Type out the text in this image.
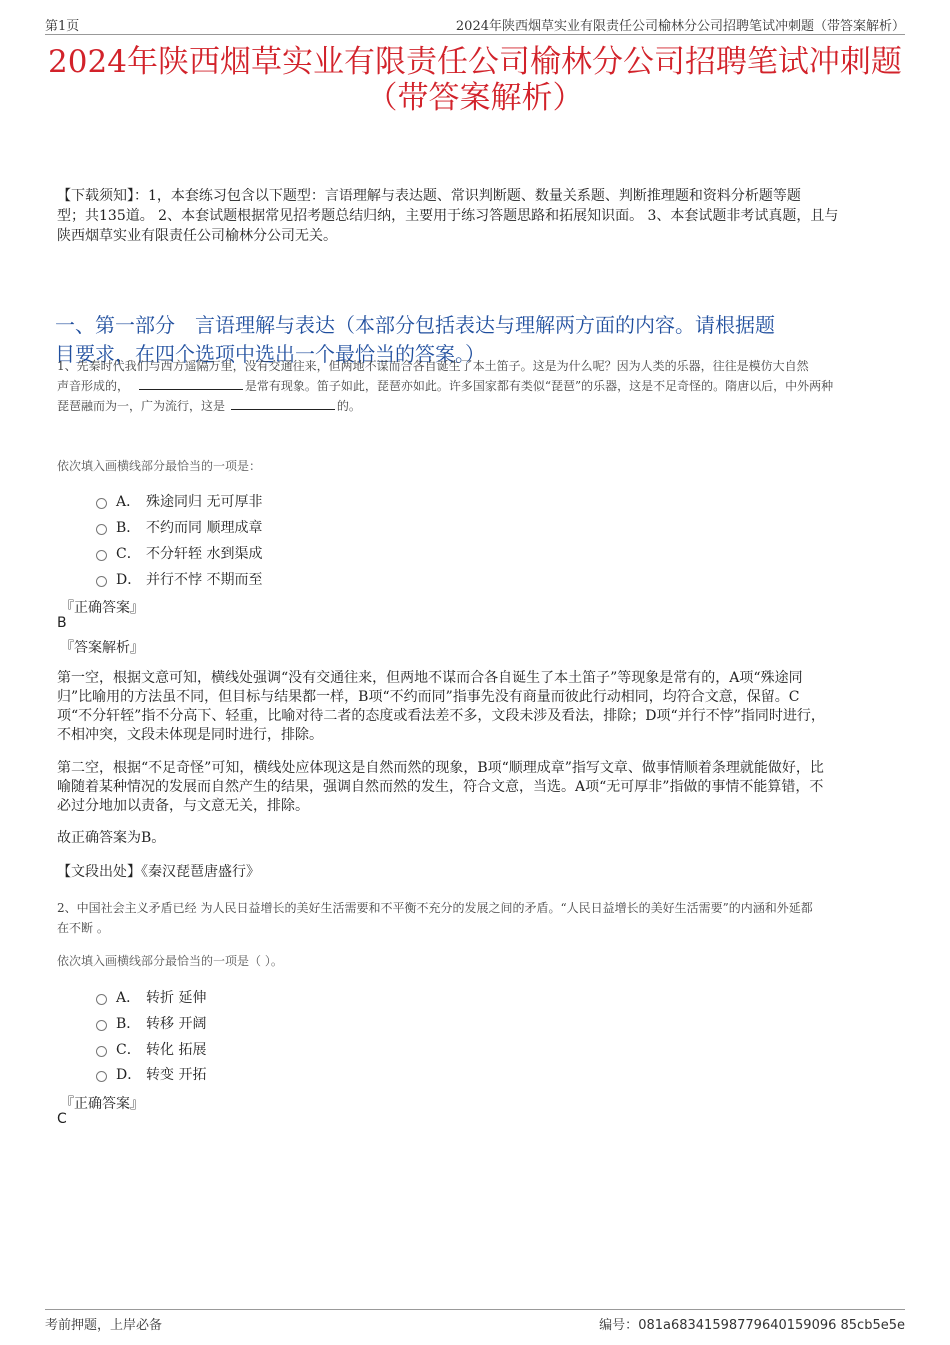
第1页	2024年陕西烟草实业有限责任公司榆林分公司招聘笔试冲刺题（带答案解析）
2024年陕西烟草实业有限责任公司榆林分公司招聘笔试冲刺题
（带答案解析）
【下载须知】：1，本套练习包含以下题型：言语理解与表达题、常识判断题、数量关系题、判断推理题和资料分析题等题
型；共135道。 2、本套试题根据常见招考题总结归纳，主要用于练习答题思路和拓展知识面。 3、本套试题非考试真题，且与
陕西烟草实业有限责任公司榆林分公司无关。
一、第一部分　言语理解与表达（本部分包括表达与理解两方面的内容。请根据题
目要求，在四个选项中选出一个最恰当的答案。）
1、先秦时代我们与西方遥隔万里，没有交通往来，但两地不谋而合各自诞生了本土笛子。这是为什么呢？因为人类的乐器，往往是模仿大自然
声音形成的，	是常有现象。笛子如此，琵琶亦如此。许多国家都有类似“琵琶”的乐器，这是不足奇怪的。隋唐以后，中外两种
琵琶融而为一，广为流行，这是	的。
依次填入画横线部分最恰当的一项是：
A． 殊途同归 无可厚非
B． 不约而同 顺理成章
C． 不分轩轾 水到渠成
D． 并行不悖 不期而至
『正确答案』
B
『答案解析』
第一空，根据文意可知，横线处强调“没有交通往来，但两地不谋而合各自诞生了本土笛子”等现象是常有的，A项“殊途同
归”比喻用的方法虽不同，但目标与结果都一样，B项“不约而同”指事先没有商量而彼此行动相同，均符合文意，保留。C
项“不分轩轾”指不分高下、轻重，比喻对待二者的态度或看法差不多，文段未涉及看法，排除；D项“并行不悖”指同时进行，
不相冲突，文段未体现是同时进行，排除。
第二空，根据“不足奇怪”可知，横线处应体现这是自然而然的现象，B项“顺理成章”指写文章、做事情顺着条理就能做好，比
喻随着某种情况的发展而自然产生的结果，强调自然而然的发生，符合文意，当选。A项“无可厚非”指做的事情不能算错，不
必过分地加以责备，与文意无关，排除。
故正确答案为B。
【文段出处】《秦汉琵琶唐盛行》
2、中国社会主义矛盾已经 为人民日益增长的美好生活需要和不平衡不充分的发展之间的矛盾。“人民日益增长的美好生活需要”的内涵和外延都
在不断 。
依次填入画横线部分最恰当的一项是（ ）。
A． 转折 延伸
B． 转移 开阔
C． 转化 拓展
D． 转变 开拓
『正确答案』
C
考前押题，上岸必备	编号：081a68341598779640159096 85cb5e5e
